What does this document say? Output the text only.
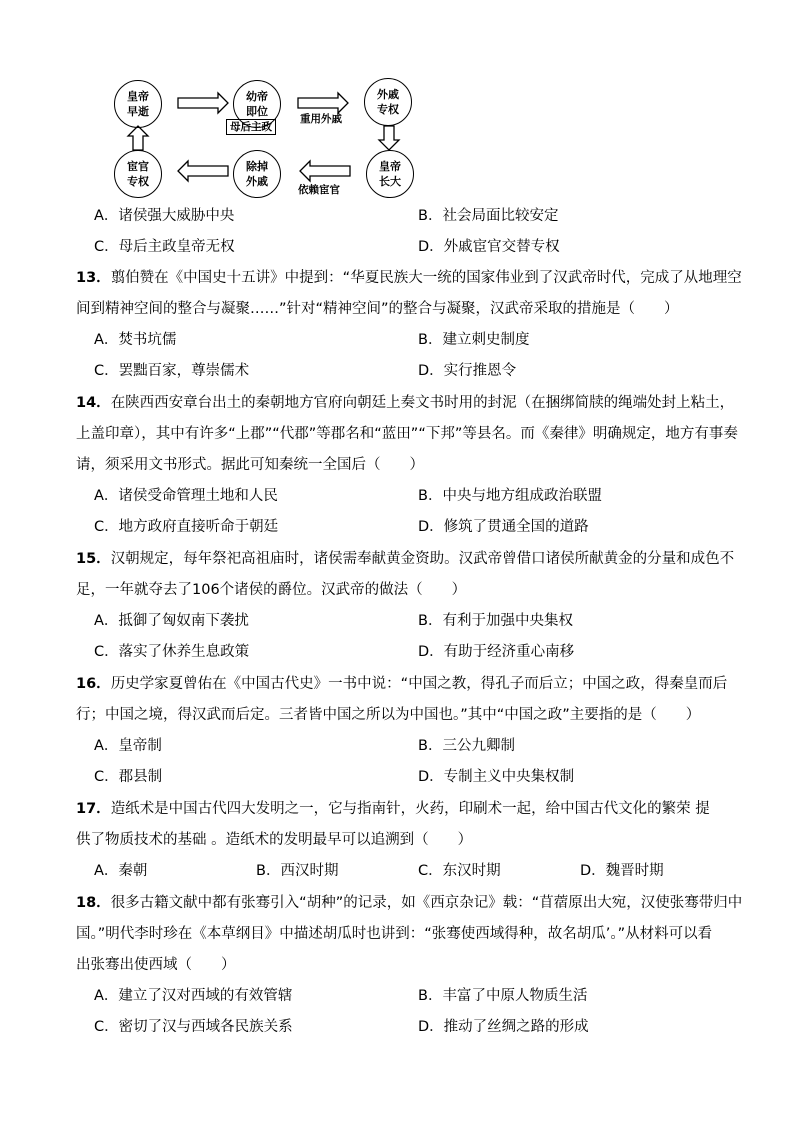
皇帝
早逝
幼帝
即位
母后主政
重用外戚
外戚
专权
皇帝
长大
依赖宦官
除掉
外戚
宦官
专权
A．诸侯强大威胁中央	B．社会局面比较安定
C．母后主政皇帝无权	D．外戚宦官交替专权
13．翦伯赞在《中国史十五讲》中提到：“华夏民族大一统的国家伟业到了汉武帝时代，完成了从地理空
间到精神空间的整合与凝聚……”针对“精神空间”的整合与凝聚，汉武帝采取的措施是（　　）
A．焚书坑儒	B．建立刺史制度
C．罢黜百家，尊崇儒术	D．实行推恩令
14．在陕西西安章台出土的秦朝地方官府向朝廷上奏文书时用的封泥（在捆绑简牍的绳端处封上粘土，
上盖印章），其中有许多“上郡”“代郡”等郡名和“蓝田”“下邦”等县名。而《秦律》明确规定，地方有事奏
请，须采用文书形式。据此可知秦统一全国后（　　）
A．诸侯受命管理土地和人民	B．中央与地方组成政治联盟
C．地方政府直接听命于朝廷	D．修筑了贯通全国的道路
15．汉朝规定，每年祭祀高祖庙时，诸侯需奉献黄金资助。汉武帝曾借口诸侯所献黄金的分量和成色不
足，一年就夺去了106个诸侯的爵位。汉武帝的做法（　　）
A．抵御了匈奴南下袭扰	B．有利于加强中央集权
C．落实了休养生息政策	D．有助于经济重心南移
16．历史学家夏曾佑在《中国古代史》一书中说：“中国之教，得孔子而后立；中国之政，得秦皇而后
行；中国之境，得汉武而后定。三者皆中国之所以为中国也。”其中“中国之政”主要指的是（　　）
A．皇帝制	B．三公九卿制
C．郡县制	D．专制主义中央集权制
17．造纸术是中国古代四大发明之一，它与指南针，火药，印刷术一起，给中国古代文化的繁荣 提
供了物质技术的基础 。造纸术的发明最早可以追溯到（　　）
A．秦朝	B．西汉时期	C．东汉时期	D．魏晋时期
18．很多古籍文献中都有张骞引入“胡种”的记录，如《西京杂记》载：“苜蓿原出大宛，汉使张骞带归中
国。”明代李时珍在《本草纲目》中描述胡瓜时也讲到：“张骞使西域得种，故名胡瓜’。”从材料可以看
出张骞出使西域（　　）
A．建立了汉对西域的有效管辖	B．丰富了中原人物质生活
C．密切了汉与西域各民族关系	D．推动了丝绸之路的形成
